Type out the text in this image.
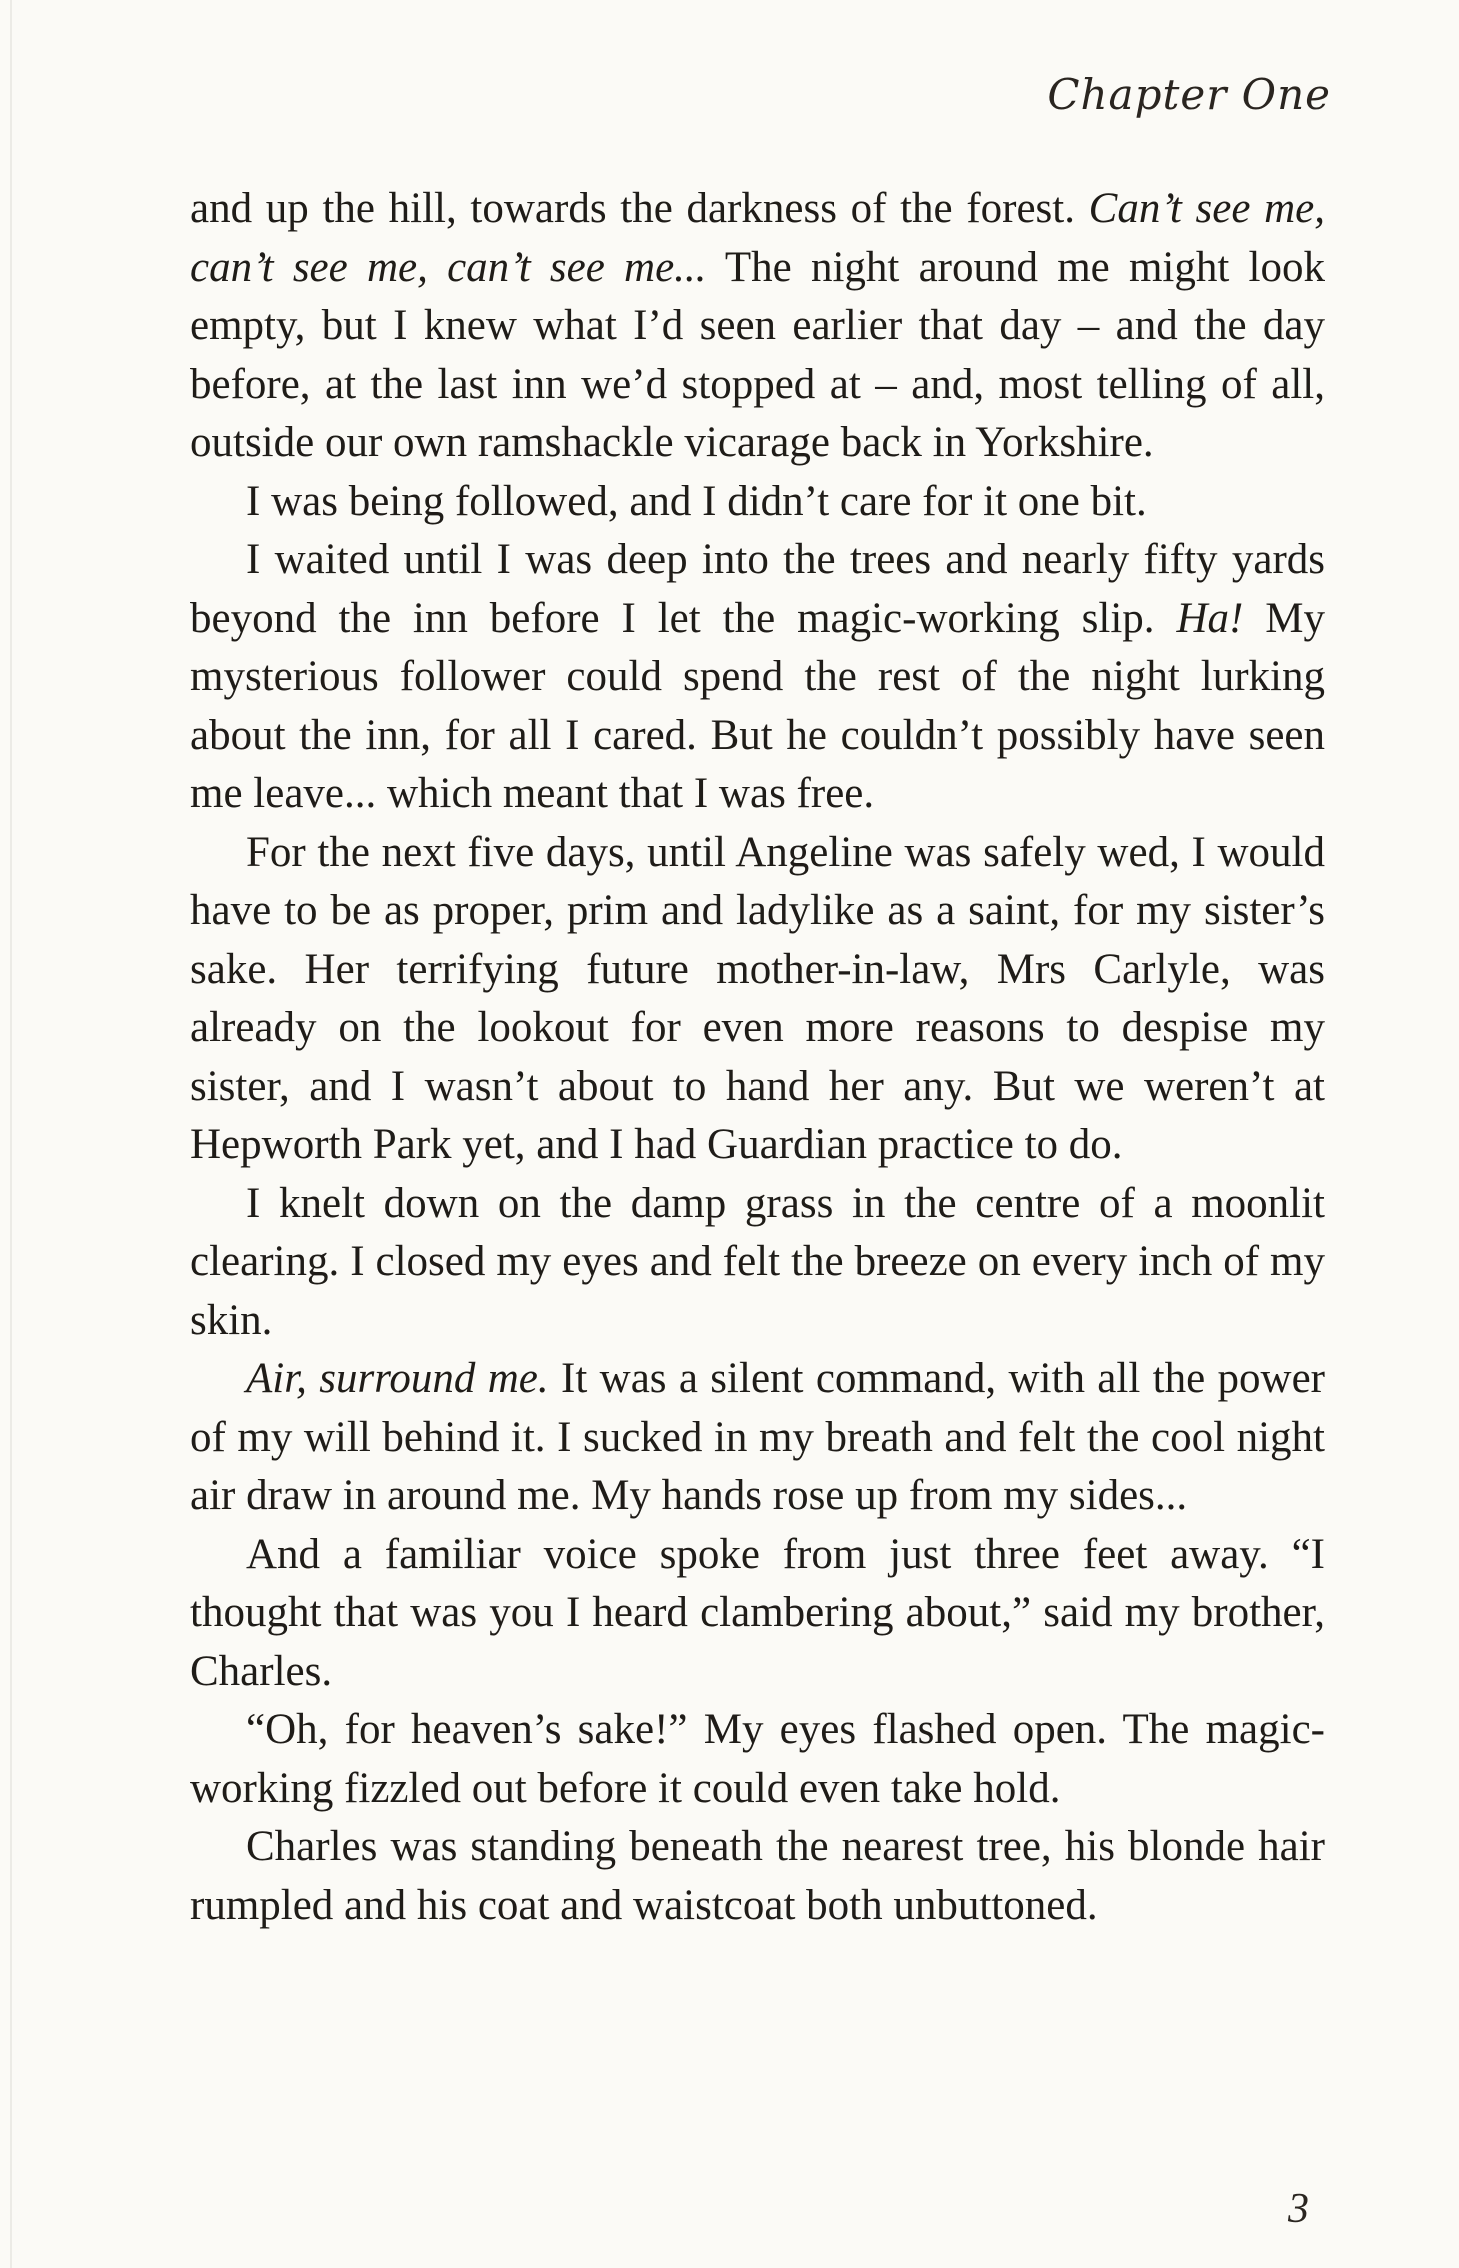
Chapter One

and up the hill, towards the darkness of the forest. Can’t see me, can’t see me, can’t see me... The night around me might look empty, but I knew what I’d seen earlier that day – and the day before, at the last inn we’d stopped at – and, most telling of all, outside our own ramshackle vicarage back in Yorkshire.

I was being followed, and I didn’t care for it one bit.

I waited until I was deep into the trees and nearly fifty yards beyond the inn before I let the magic-working slip. Ha! My mysterious follower could spend the rest of the night lurking about the inn, for all I cared. But he couldn’t possibly have seen me leave... which meant that I was free.

For the next five days, until Angeline was safely wed, I would have to be as proper, prim and ladylike as a saint, for my sister’s sake. Her terrifying future mother-in-law, Mrs Carlyle, was already on the lookout for even more reasons to despise my sister, and I wasn’t about to hand her any. But we weren’t at Hepworth Park yet, and I had Guardian practice to do.

I knelt down on the damp grass in the centre of a moonlit clearing. I closed my eyes and felt the breeze on every inch of my skin.

Air, surround me. It was a silent command, with all the power of my will behind it. I sucked in my breath and felt the cool night air draw in around me. My hands rose up from my sides...

And a familiar voice spoke from just three feet away. “I thought that was you I heard clambering about,” said my brother, Charles.

“Oh, for heaven’s sake!” My eyes flashed open. The magic-working fizzled out before it could even take hold.

Charles was standing beneath the nearest tree, his blonde hair rumpled and his coat and waistcoat both unbuttoned.

3
